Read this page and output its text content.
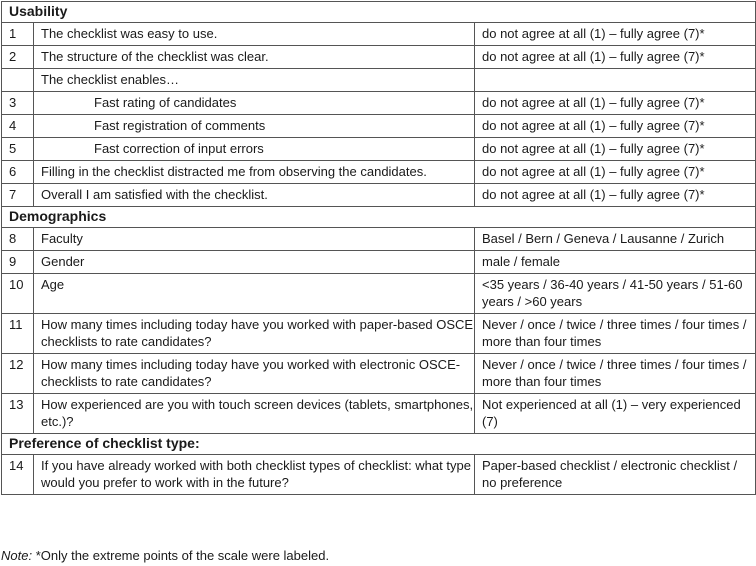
Usability		
1	The checklist was easy to use.	do not agree at all (1) – fully agree (7)*
2	The structure of the checklist was clear.	do not agree at all (1) – fully agree (7)*
	The checklist enables…	
3	Fast rating of candidates	do not agree at all (1) – fully agree (7)*
4	Fast registration of comments	do not agree at all (1) – fully agree (7)*
5	Fast correction of input errors	do not agree at all (1) – fully agree (7)*
6	Filling in the checklist distracted me from observing the candidates.	do not agree at all (1) – fully agree (7)*
7	Overall I am satisfied with the checklist.	do not agree at all (1) – fully agree (7)*
Demographics		
8	Faculty	Basel / Bern / Geneva / Lausanne / Zurich
9	Gender	male / female
10	Age	<35 years / 36-40 years / 41-50 years / 51-60 years / >60 years
11	How many times including today have you worked with paper-based OSCE checklists to rate candidates?	Never / once / twice / three times / four times / more than four times
12	How many times including today have you worked with electronic OSCE-checklists to rate candidates?	Never / once / twice / three times / four times / more than four times
13	How experienced are you with touch screen devices (tablets, smartphones, etc.)?	Not experienced at all (1) – very experienced (7)
Preference of checklist type:		
14	If you have already worked with both checklist types of checklist: what type would you prefer to work with in the future?	Paper-based checklist / electronic checklist / no preference
Note: *Only the extreme points of the scale were labeled.
